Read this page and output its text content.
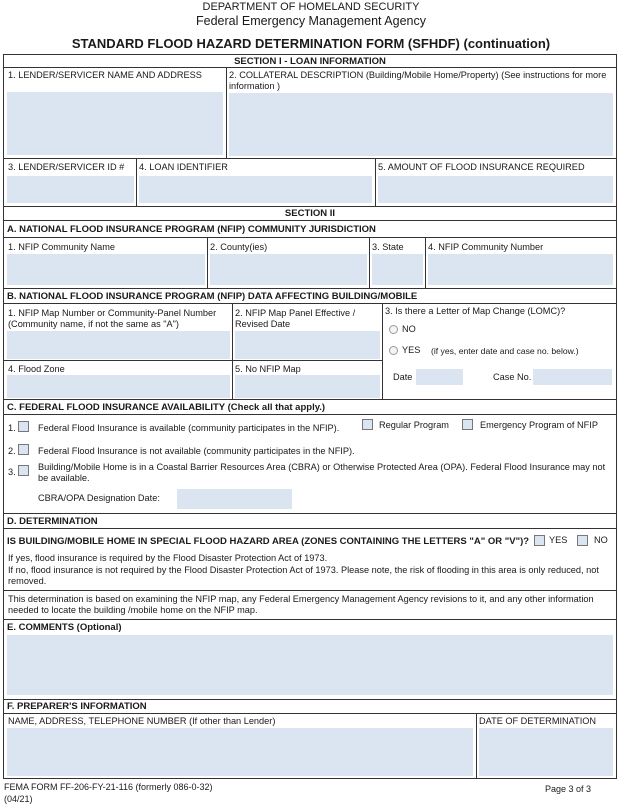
DEPARTMENT OF HOMELAND SECURITY
Federal Emergency Management Agency
STANDARD FLOOD HAZARD DETERMINATION FORM (SFHDF) (continuation)
SECTION I - LOAN INFORMATION
1. LENDER/SERVICER NAME AND ADDRESS	2. COLLATERAL DESCRIPTION (Building/Mobile Home/Property) (See instructions for more information )
3. LENDER/SERVICER ID # 4. LOAN IDENTIFIER	5. AMOUNT OF FLOOD INSURANCE REQUIRED
SECTION II
A. NATIONAL FLOOD INSURANCE PROGRAM (NFIP) COMMUNITY JURISDICTION
1. NFIP Community Name	2. County(ies)	3. State	4. NFIP Community Number
B. NATIONAL FLOOD INSURANCE PROGRAM (NFIP) DATA AFFECTING BUILDING/MOBILE
1. NFIP Map Number or Community-Panel Number (Community name, if not the same as "A")
2. NFIP Map Panel Effective / Revised Date
3. Is there a Letter of Map Change (LOMC)?
NO
YES (if yes, enter date and case no. below.)
4. Flood Zone	5. No NFIP Map
Date	Case No.
C. FEDERAL FLOOD INSURANCE AVAILABILITY (Check all that apply.)
1. Federal Flood Insurance is available (community participates in the NFIP).	Regular Program	Emergency Program of NFIP
2. Federal Flood Insurance is not available (community participates in the NFIP).
3. Building/Mobile Home is in a Coastal Barrier Resources Area (CBRA) or Otherwise Protected Area (OPA). Federal Flood Insurance may not be available.
CBRA/OPA Designation Date:
D. DETERMINATION
IS BUILDING/MOBILE HOME IN SPECIAL FLOOD HAZARD AREA (ZONES CONTAINING THE LETTERS "A" OR "V")? YES	NO
If yes, flood insurance is required by the Flood Disaster Protection Act of 1973.
If no, flood insurance is not required by the Flood Disaster Protection Act of 1973. Please note, the risk of flooding in this area is only reduced, not removed.
This determination is based on examining the NFIP map, any Federal Emergency Management Agency revisions to it, and any other information needed to locate the building /mobile home on the NFIP map.
E. COMMENTS (Optional)
F. PREPARER'S INFORMATION
NAME, ADDRESS, TELEPHONE NUMBER (If other than Lender)	DATE OF DETERMINATION
FEMA FORM FF-206-FY-21-116 (formerly 086-0-32)
(04/21)
Page 3 of 3
